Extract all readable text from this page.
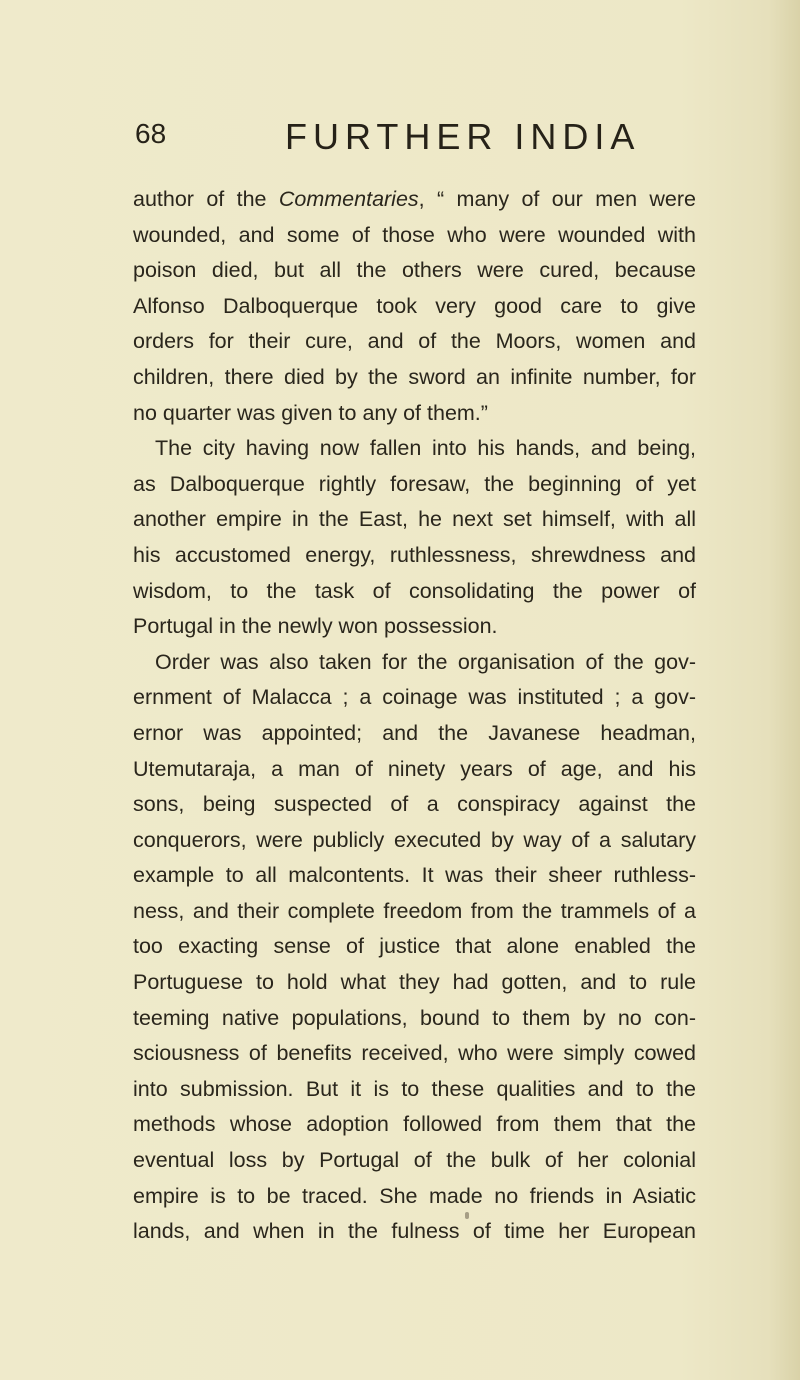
68	FURTHER INDIA
author of the Commentaries, “ many of our men were
wounded, and some of those who were wounded with
poison died, but all the others were cured, because
Alfonso Dalboquerque took very good care to give
orders for their cure, and of the Moors, women and
children, there died by the sword an infinite number, for
no quarter was given to any of them.”
The city having now fallen into his hands, and being,
as Dalboquerque rightly foresaw, the beginning of yet
another empire in the East, he next set himself, with all
his accustomed energy, ruthlessness, shrewdness and
wisdom, to the task of consolidating the power of
Portugal in the newly won possession.
Order was also taken for the organisation of the gov-
ernment of Malacca ; a coinage was instituted ; a gov-
ernor was appointed; and the Javanese headman,
Utemutaraja, a man of ninety years of age, and his
sons, being suspected of a conspiracy against the
conquerors, were publicly executed by way of a salutary
example to all malcontents. It was their sheer ruthless-
ness, and their complete freedom from the trammels of a
too exacting sense of justice that alone enabled the
Portuguese to hold what they had gotten, and to rule
teeming native populations, bound to them by no con-
sciousness of benefits received, who were simply cowed
into submission. But it is to these qualities and to the
methods whose adoption followed from them that the
eventual loss by Portugal of the bulk of her colonial
empire is to be traced. She made no friends in Asiatic
lands, and when in the fulness of time her European
